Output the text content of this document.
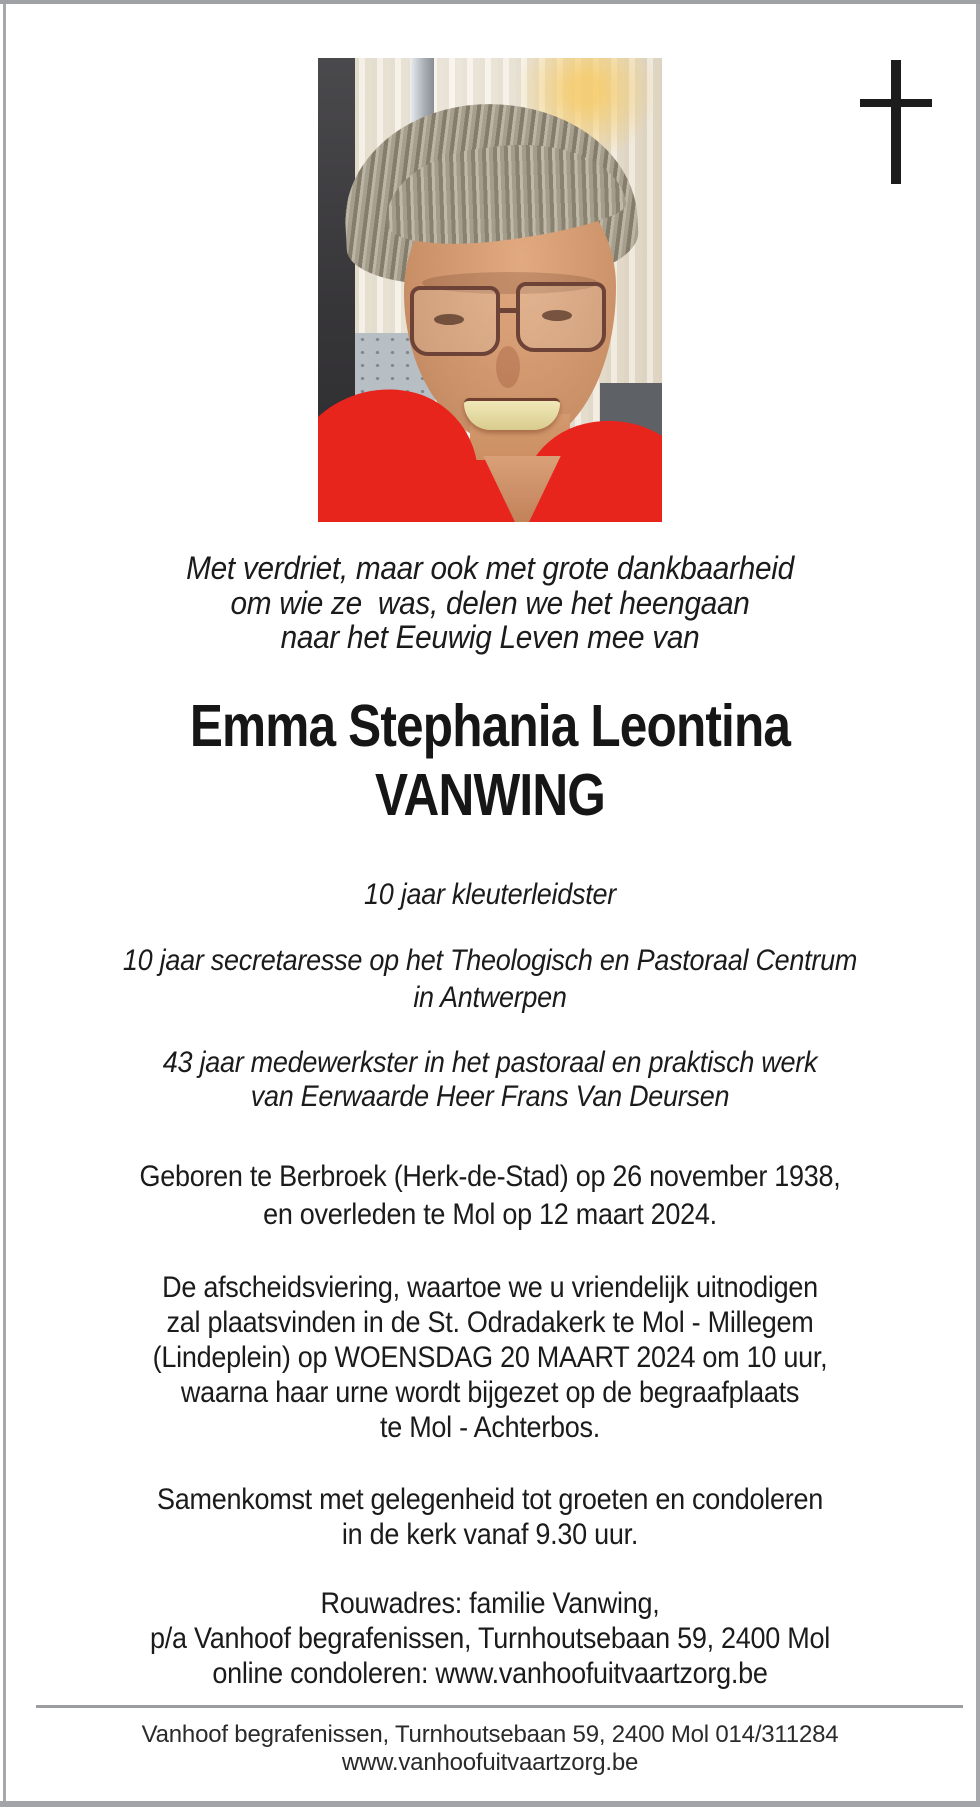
Met verdriet, maar ook met grote dankbaarheid
om wie ze  was, delen we het heengaan
naar het Eeuwig Leven mee van
Emma Stephania Leontina
VANWING
10 jaar kleuterleidster
10 jaar secretaresse op het Theologisch en Pastoraal Centrum
in Antwerpen
43 jaar medewerkster in het pastoraal en praktisch werk
van Eerwaarde Heer Frans Van Deursen
Geboren te Berbroek (Herk-de-Stad) op 26 november 1938,
en overleden te Mol op 12 maart 2024.
De afscheidsviering, waartoe we u vriendelijk uitnodigen
zal plaatsvinden in de St. Odradakerk te Mol - Millegem
(Lindeplein) op WOENSDAG 20 MAART 2024 om 10 uur,
waarna haar urne wordt bijgezet op de begraafplaats
te Mol - Achterbos.
Samenkomst met gelegenheid tot groeten en condoleren
in de kerk vanaf 9.30 uur.
Rouwadres: familie Vanwing,
p/a Vanhoof begrafenissen, Turnhoutsebaan 59, 2400 Mol
online condoleren: www.vanhoofuitvaartzorg.be
Vanhoof begrafenissen, Turnhoutsebaan 59, 2400 Mol 014/311284
www.vanhoofuitvaartzorg.be
